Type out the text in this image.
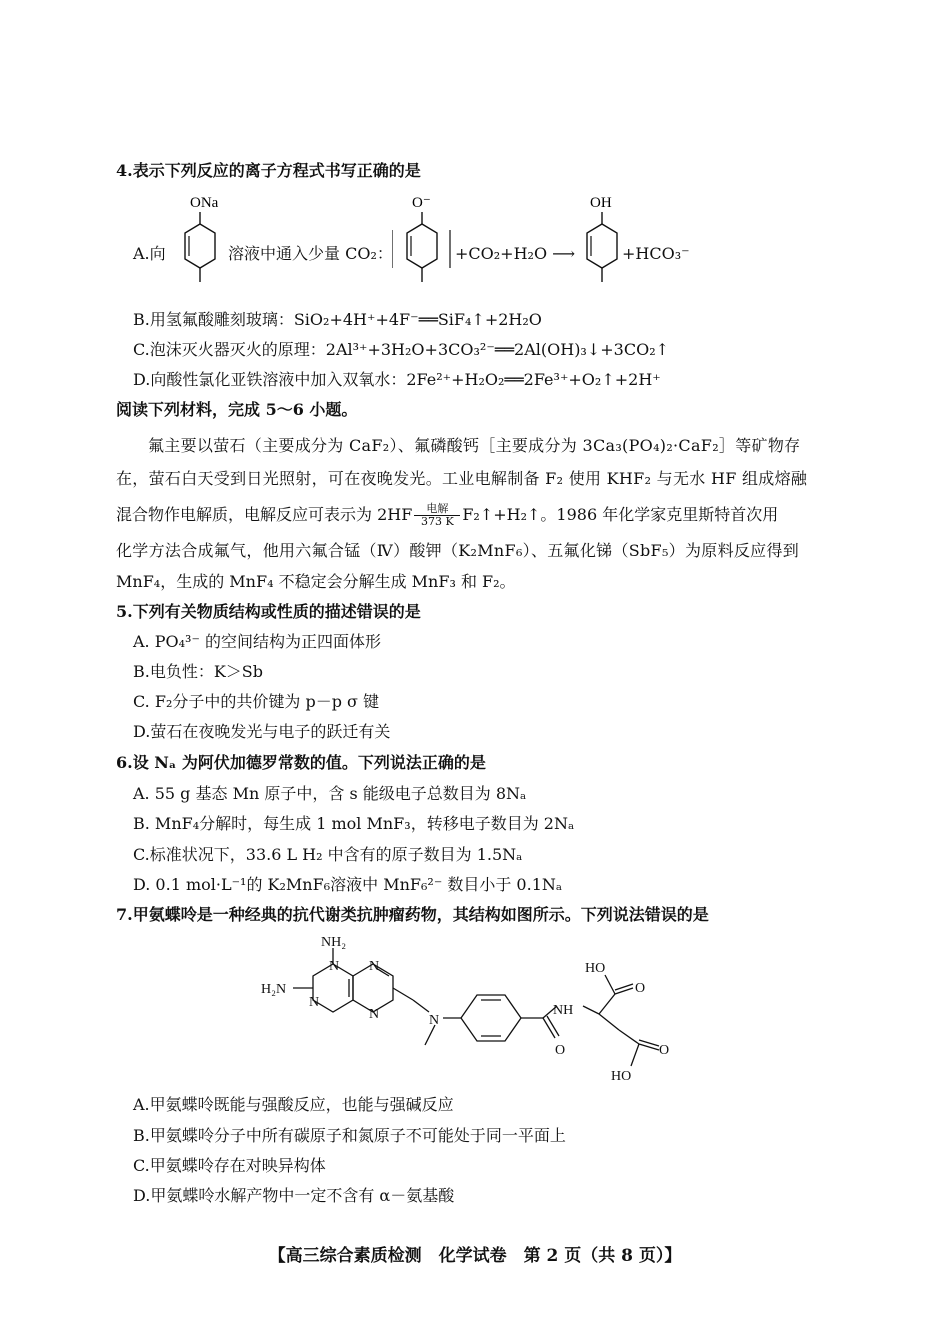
4.表示下列反应的离子方程式书写正确的是
A.向
ONa
溶液中通入少量 CO₂：
O⁻
+CO₂+H₂O ⟶
OH
+HCO₃⁻
B.用氢氟酸雕刻玻璃：SiO₂+4H⁺+4F⁻══SiF₄↑+2H₂O
C.泡沫灭火器灭火的原理：2Al³⁺+3H₂O+3CO₃²⁻══2Al(OH)₃↓+3CO₂↑
D.向酸性氯化亚铁溶液中加入双氧水：2Fe²⁺+H₂O₂══2Fe³⁺+O₂↑+2H⁺
阅读下列材料，完成 5～6 小题。
氟主要以萤石（主要成分为 CaF₂）、氟磷酸钙［主要成分为 3Ca₃(PO₄)₂·CaF₂］等矿物存
在，萤石白天受到日光照射，可在夜晚发光。工业电解制备 F₂ 使用 KHF₂ 与无水 HF 组成熔融
混合物作电解质，电解反应可表示为 $2HF \frac{\text{电解}}{373 K}$ F₂↑+H₂↑。1986 年化学家克里斯特首次用
化学方法合成氟气，他用六氟合锰（Ⅳ）酸钾（K₂MnF₆）、五氟化锑（SbF₅）为原料反应得到
MnF₄，生成的 MnF₄ 不稳定会分解生成 MnF₃ 和 F₂。
5.下列有关物质结构或性质的描述错误的是
A. PO₄³⁻ 的空间结构为正四面体形
B.电负性：K＞Sb
C. F₂分子中的共价键为 p－p σ 键
D.萤石在夜晚发光与电子的跃迁有关
6.设 Nₐ 为阿伏加德罗常数的值。下列说法正确的是
A. 55 g 基态 Mn 原子中，含 s 能级电子总数目为 8Nₐ
B. MnF₄分解时，每生成 1 mol MnF₃，转移电子数目为 2Nₐ
C.标准状况下，33.6 L H₂ 中含有的原子数目为 1.5Nₐ
D. 0.1 mol·L⁻¹的 K₂MnF₆溶液中 MnF₆²⁻ 数目小于 0.1Nₐ
7.甲氨蝶呤是一种经典的抗代谢类抗肿瘤药物，其结构如图所示。下列说法错误的是
NH₂
H₂N
N
N
N
N	N
NH
O
HO
O
O
HO
A.甲氨蝶呤既能与强酸反应，也能与强碱反应
B.甲氨蝶呤分子中所有碳原子和氮原子不可能处于同一平面上
C.甲氨蝶呤存在对映异构体
D.甲氨蝶呤水解产物中一定不含有 α－氨基酸
【高三综合素质检测　化学试卷　第 2 页（共 8 页）】
